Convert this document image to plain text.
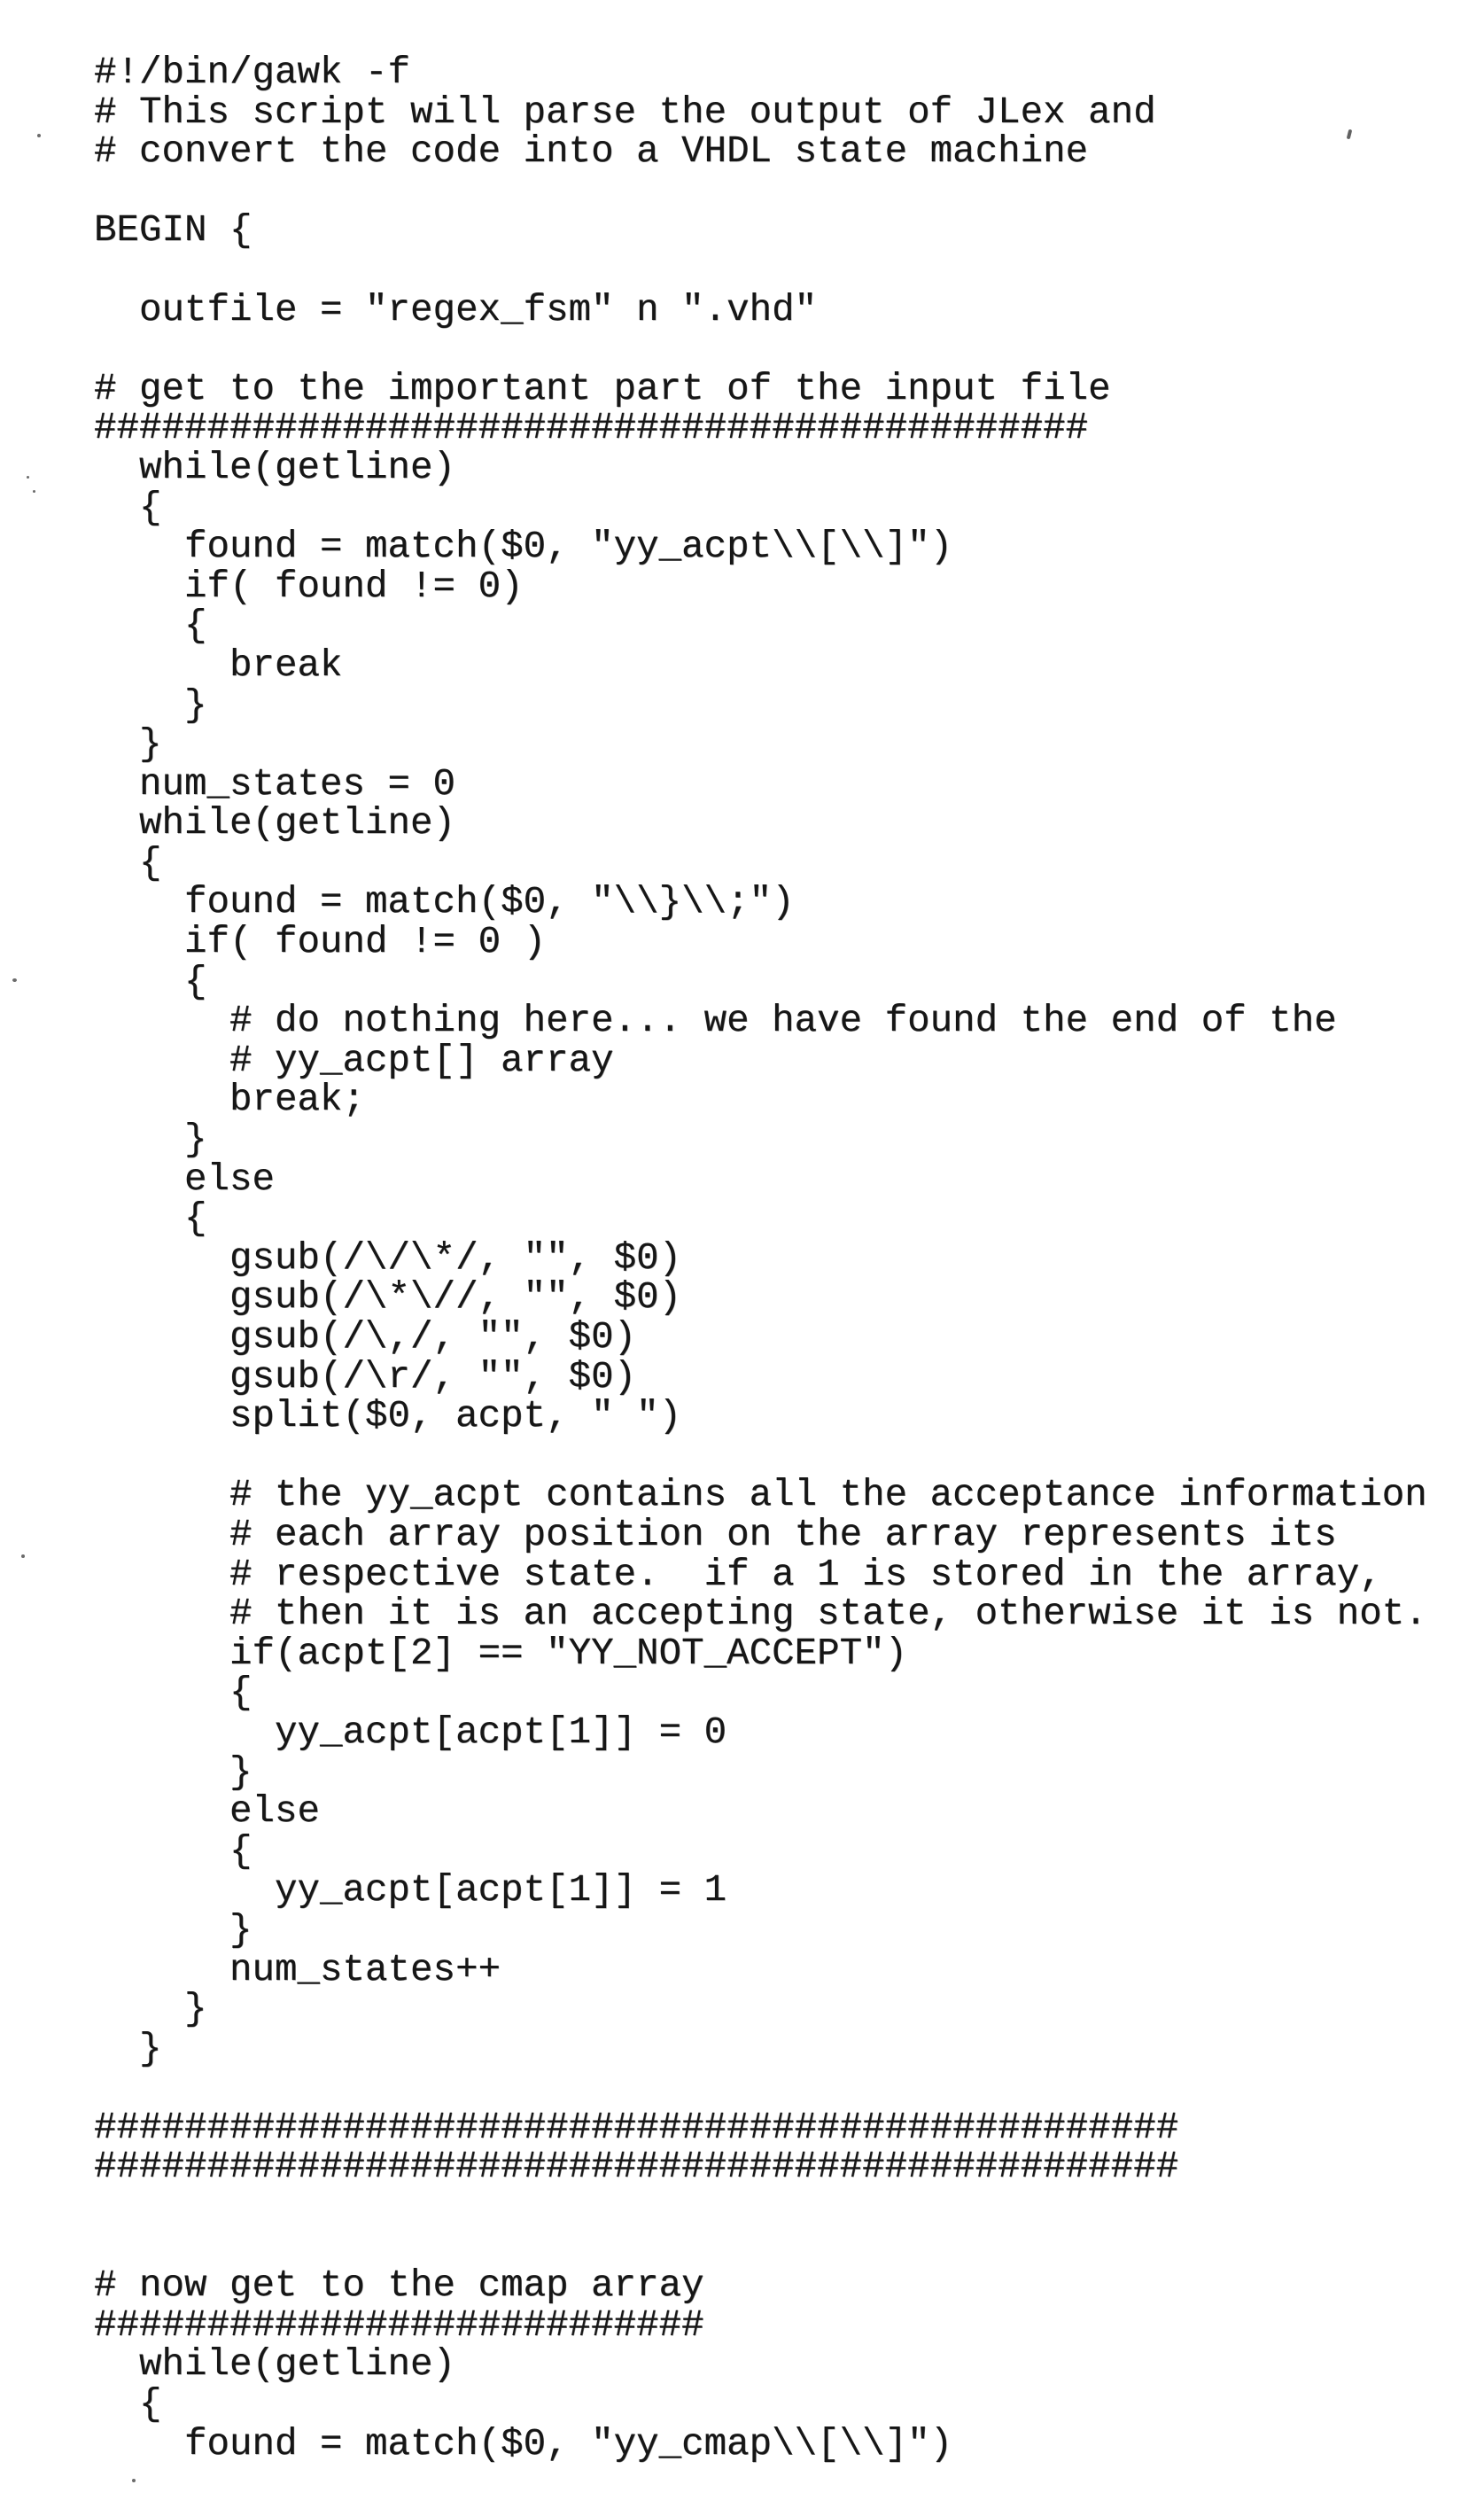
#!/bin/gawk -f
# This script will parse the output of JLex and
# convert the code into a VHDL state machine

BEGIN {

outfile = "regex_fsm" n ".vhd"

# get to the important part of the input file
############################################
while(getline)
{
found = match($0, "yy_acpt\\[\\]")
if( found != 0)
{
break
}
}
num_states = 0
while(getline)
{
found = match($0, "\\}\\;")
if( found != 0 )
{
# do nothing here... we have found the end of the
# yy_acpt[] array
break;
}
else
{
gsub(/\/\*/, "", $0)
gsub(/\*\//, "", $0)
gsub(/\,/, "", $0)
gsub(/\r/, "", $0)
split($0, acpt, " ")

# the yy_acpt contains all the acceptance information
# each array position on the array represents its
# respective state.  if a 1 is stored in the array,
# then it is an accepting state, otherwise it is not.
if(acpt[2] == "YY_NOT_ACCEPT")
{
yy_acpt[acpt[1]] = 0
}
else
{
yy_acpt[acpt[1]] = 1
}
num_states++
}
}

################################################
################################################

# now get to the cmap array
###########################
while(getline)
{
found = match($0, "yy_cmap\\[\\]")
